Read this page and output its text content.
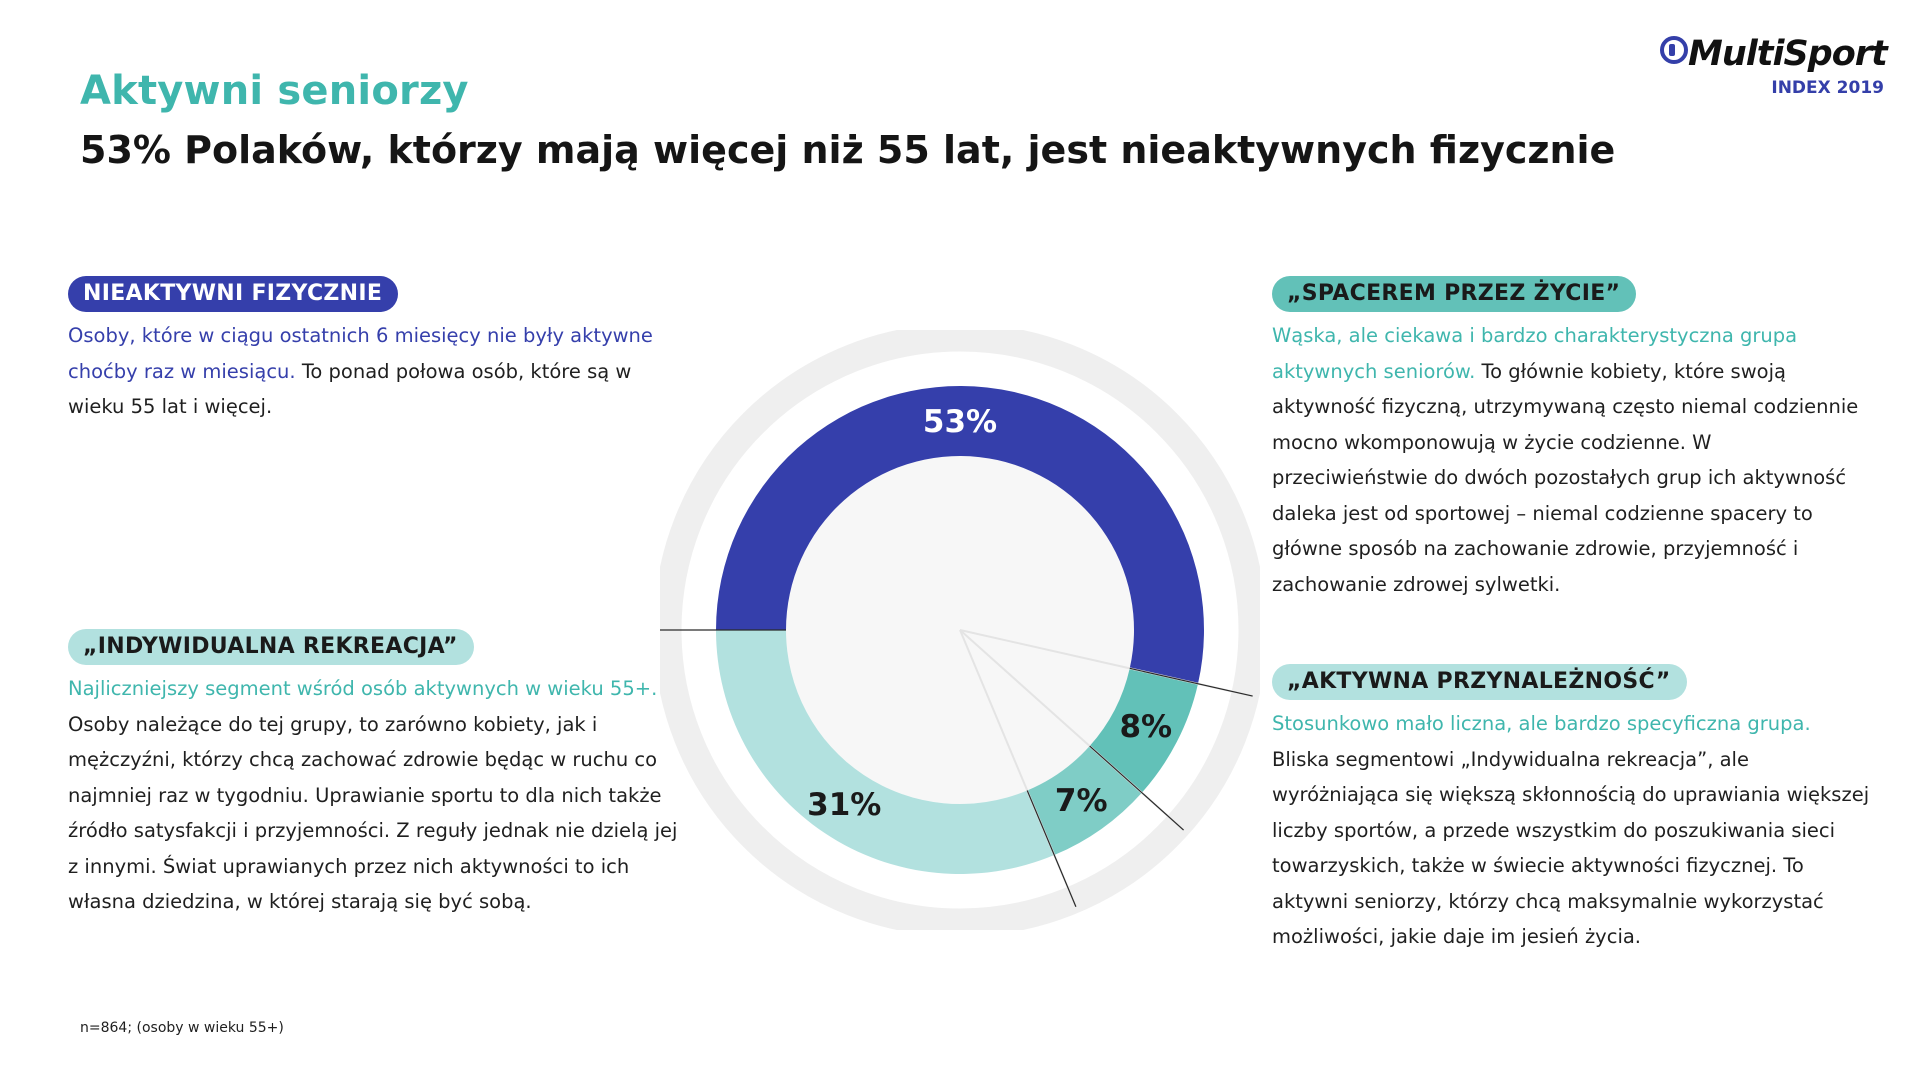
Aktywni seniorzy
53% Polaków, którzy mają więcej niż 55 lat, jest nieaktywnych fizycznie
MultiSport
INDEX 2019
NIEAKTYWNI FIZYCZNIE
Osoby, które w ciągu ostatnich 6 miesięcy nie były aktywne choćby raz w miesiącu. To ponad połowa osób, które są w wieku 55 lat i więcej.
„SPACEREM PRZEZ ŻYCIE”
Wąska, ale ciekawa i bardzo charakterystyczna grupa aktywnych seniorów. To głównie kobiety, które swoją aktywność fizyczną, utrzymywaną często niemal codziennie mocno wkomponowują w życie codzienne. W przeciwieństwie do dwóch pozostałych grup ich aktywność daleka jest od sportowej – niemal codzienne spacery to główne sposób na zachowanie zdrowie, przyjemność i zachowanie zdrowej sylwetki.
„INDYWIDUALNA REKREACJA”
Najliczniejszy segment wśród osób aktywnych w wieku 55+. Osoby należące do tej grupy, to zarówno kobiety, jak i mężczyźni, którzy chcą zachować zdrowie będąc w ruchu co najmniej raz w tygodniu. Uprawianie sportu to dla nich także źródło satysfakcji i przyjemności. Z reguły jednak nie dzielą jej z innymi. Świat uprawianych przez nich aktywności to ich własna dziedzina, w której starają się być sobą.
„AKTYWNA PRZYNALEŻNOŚĆ”
Stosunkowo mało liczna, ale bardzo specyficzna grupa. Bliska segmentowi „Indywidualna rekreacja”, ale wyróżniająca się większą skłonnością do uprawiania większej liczby sportów, a przede wszystkim do poszukiwania sieci towarzyskich, także w świecie aktywności fizycznej. To aktywni seniorzy, którzy chcą maksymalnie wykorzystać możliwości, jakie daje im jesień życia.
53%
8%
7%
31%
n=864; (osoby w wieku 55+)
